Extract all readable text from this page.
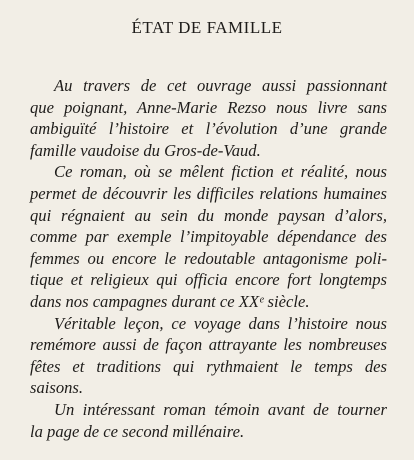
ÉTAT DE FAMILLE

Au travers de cet ouvrage aussi passionnant
que poignant, Anne-Marie Rezso nous livre sans
ambiguïté l’histoire et l’évolution d’une grande
famille vaudoise du Gros-de-Vaud.

Ce roman, où se mêlent fiction et réalité, nous
permet de découvrir les difficiles relations humaines
qui régnaient au sein du monde paysan d’alors,
comme par exemple l’impitoyable dépendance des
femmes ou encore le redoutable antagonisme poli-
tique et religieux qui officia encore fort longtemps
dans nos campagnes durant ce XXᵉ siècle.

Véritable leçon, ce voyage dans l’histoire nous
remémore aussi de façon attrayante les nombreuses
fêtes et traditions qui rythmaient le temps des
saisons.

Un intéressant roman témoin avant de tourner
la page de ce second millénaire.
